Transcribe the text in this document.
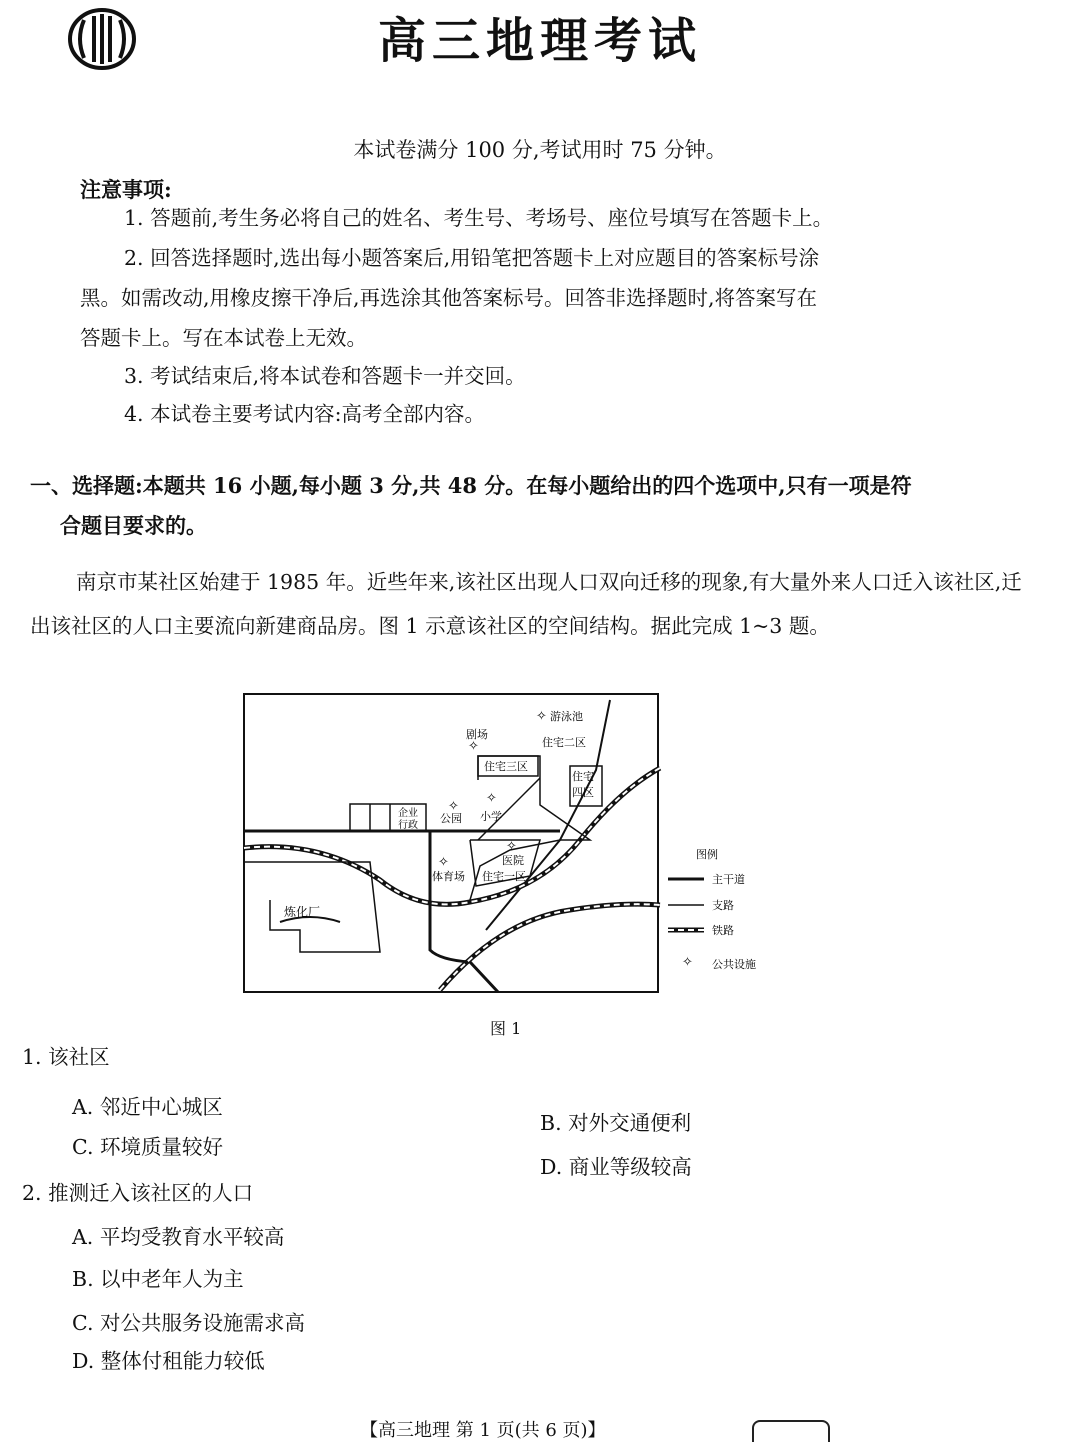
高三地理考试
本试卷满分 100 分,考试用时 75 分钟。
注意事项:
1. 答题前,考生务必将自己的姓名、考生号、考场号、座位号填写在答题卡上。
2. 回答选择题时,选出每小题答案后,用铅笔把答题卡上对应题目的答案标号涂
黑。如需改动,用橡皮擦干净后,再选涂其他答案标号。回答非选择题时,将答案写在
答题卡上。写在本试卷上无效。
3. 考试结束后,将本试卷和答题卡一并交回。
4. 本试卷主要考试内容:高考全部内容。
一、选择题:本题共 16 小题,每小题 3 分,共 48 分。在每小题给出的四个选项中,只有一项是符
合题目要求的。
南京市某社区始建于 1985 年。近些年来,该社区出现人口双向迁移的现象,有大量外来人口迁入该社区,迁出该社区的人口主要流向新建商品房。图 1 示意该社区的空间结构。据此完成 1~3 题。
✧
✧
✧
✧
✧
✧
游泳池
剧场
住宅二区
住宅三区
住宅
四区
公园 小学
企业
行政
医院
体育场 住宅一区
炼化厂
图例
主干道
支路
铁路
✧ 公共设施
图 1
1. 该社区
A. 邻近中心城区
B. 对外交通便利
C. 环境质量较好
D. 商业等级较高
2. 推测迁入该社区的人口
A. 平均受教育水平较高
B. 以中老年人为主
C. 对公共服务设施需求高
D. 整体付租能力较低
【高三地理 第 1 页(共 6 页)】
